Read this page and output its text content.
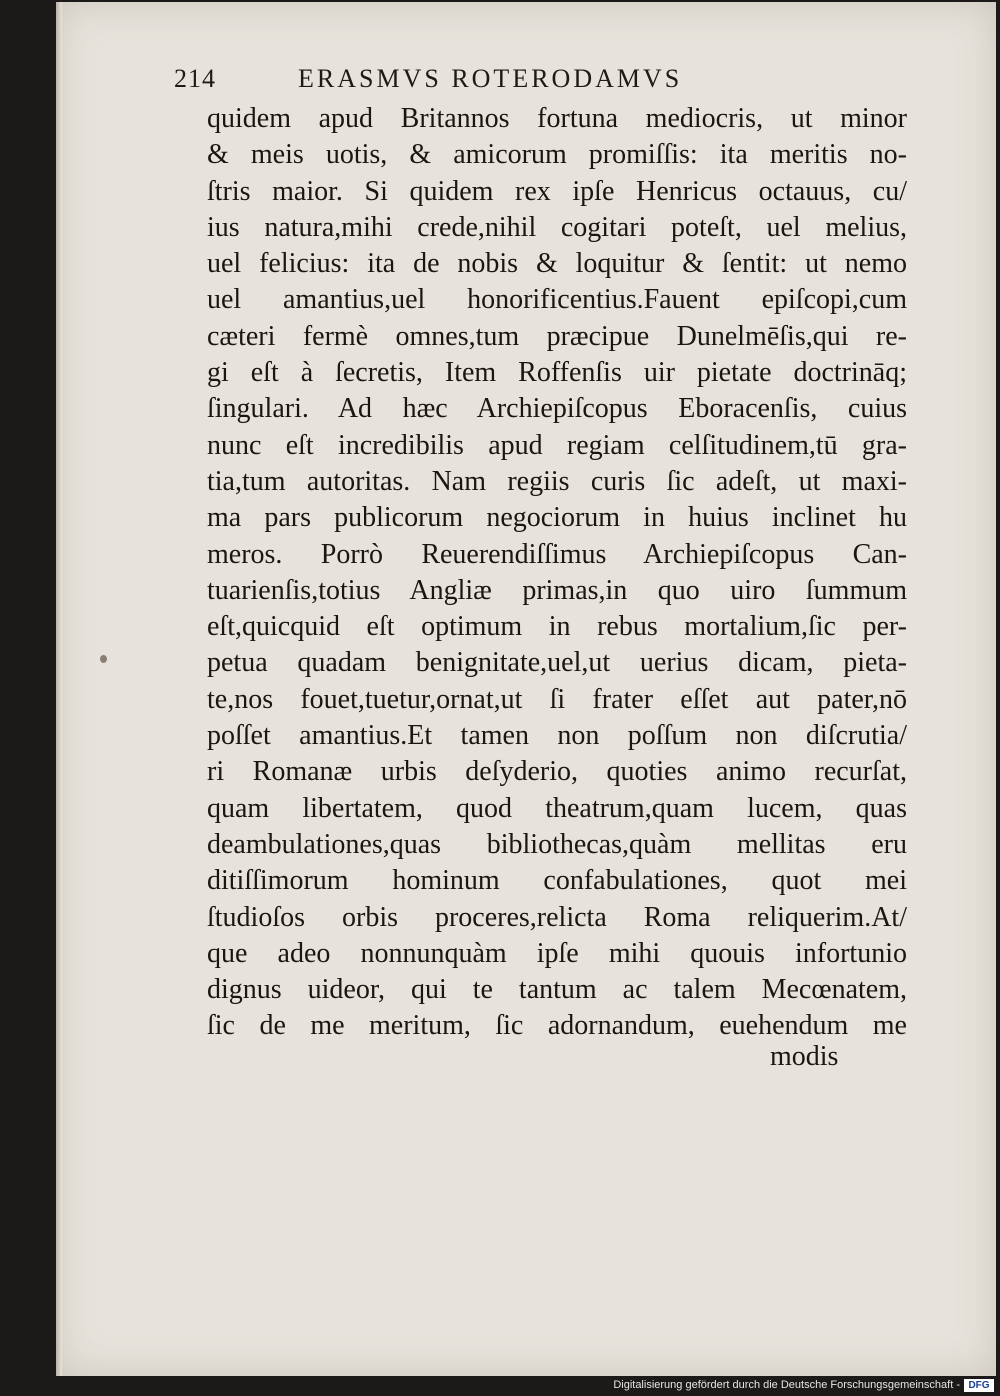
214	ERASMVS ROTERODAMVS
quidem apud Britannos fortuna mediocris, ut minor
& meis uotis, & amicorum promiſſis: ita meritis no-
ſtris maior. Si quidem rex ipſe Henricus octauus, cu/
ius natura,mihi crede,nihil cogitari poteſt, uel melius,
uel felicius: ita de nobis & loquitur & ſentit: ut nemo
uel amantius,uel honorificentius.Fauent epiſcopi,cum
cæteri fermè omnes,tum præcipue Dunelmēſis,qui re-
gi eſt à ſecretis, Item Roffenſis uir pietate doctrināq;
ſingulari. Ad hæc Archiepiſcopus Eboracenſis, cuius
nunc eſt incredibilis apud regiam celſitudinem,tū gra-
tia,tum autoritas. Nam regiis curis ſic adeſt, ut maxi-
ma pars publicorum negociorum in huius inclinet hu
meros. Porrò Reuerendiſſimus Archiepiſcopus Can-
tuarienſis,totius Angliæ primas,in quo uiro ſummum
eſt,quicquid eſt optimum in rebus mortalium,ſic per-
petua quadam benignitate,uel,ut uerius dicam, pieta-
te,nos fouet,tuetur,ornat,ut ſi frater eſſet aut pater,nō
poſſet amantius.Et tamen non poſſum non diſcrutia/
ri Romanæ urbis deſyderio, quoties animo recurſat,
quam libertatem, quod theatrum,quam lucem, quas
deambulationes,quas bibliothecas,quàm mellitas eru
ditiſſimorum hominum confabulationes, quot mei
ſtudioſos orbis proceres,relicta Roma reliquerim.At/
que adeo nonnunquàm ipſe mihi quouis infortunio
dignus uideor, qui te tantum ac talem Mecœnatem,
ſic de me meritum, ſic adornandum, euehendum me
modis
Digitalisierung gefördert durch die Deutsche Forschungsgemeinschaft - DFG
